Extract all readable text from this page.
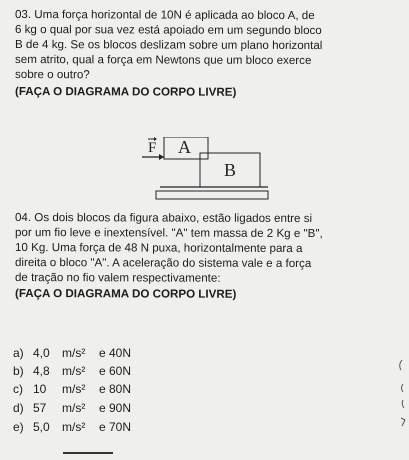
03. Uma força horizontal de 10N é aplicada ao bloco A, de

6 kg o qual por sua vez está apoiado em um segundo bloco

B de 4 kg. Se os blocos deslizam sobre um plano horizontal

sem atrito, qual a força em Newtons que um bloco exerce

sobre o outro?

(FAÇA O DIAGRAMA DO CORPO LIVRE)

F A
B

04. Os dois blocos da figura abaixo, estão ligados entre si

por um fio leve e inextensível. "A" tem massa de 2 Kg e "B",

10 Kg. Uma força de 48 N puxa, horizontalmente para a

direita o bloco "A". A aceleração do sistema vale e a força

de tração no fio valem respectivamente:

(FAÇA O DIAGRAMA DO CORPO LIVRE)

a) 4,0 m/s² e 40N
b) 4,8 m/s² e 60N
c) 10 m/s² e 80N
d) 57 m/s² e 90N
e) 5,0 m/s² e 70N
